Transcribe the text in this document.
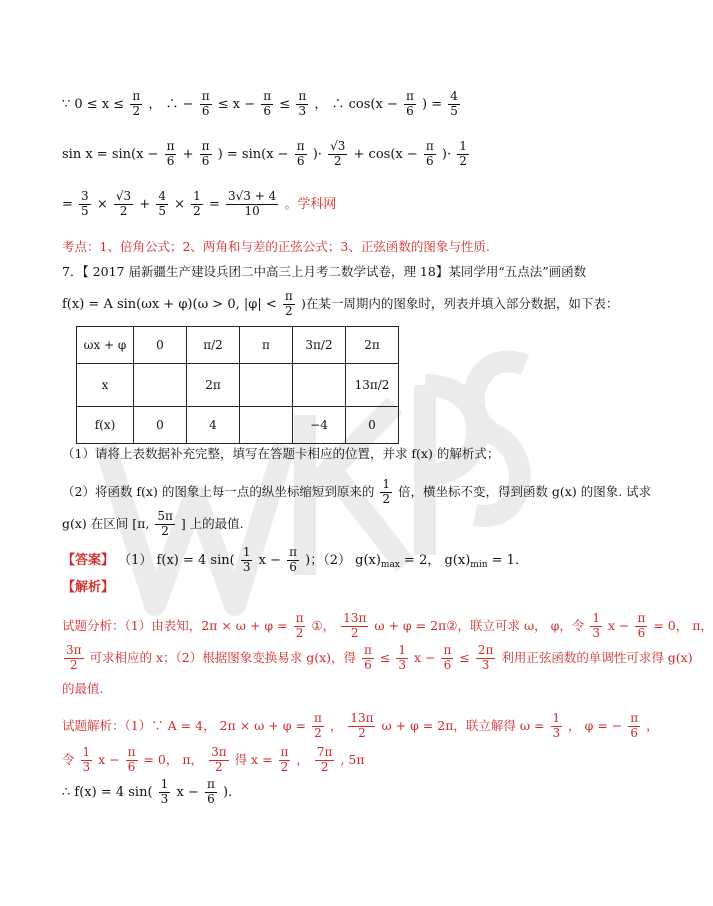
∵ $0 \le x \le \frac{\pi}{2}$ ， ∴ − $\frac{\pi}{6} \le x - \frac{\pi}{6} \le \frac{\pi}{3}$ ， ∴ $\cos(x - \frac{\pi}{6}$ ) = $\frac{4}{5}$
$\sin x = \sin(x - \frac{\pi}{6} + \frac{\pi}{6}$ ) = $\sin(x - \frac{\pi}{6}$ )· $\frac{√3}{2} + \cos(x - \frac{\pi}{6}$ )· $\frac{1}{2}$
= $\frac{3}{5} \times \frac{√3}{2} + \frac{4}{5} \times \frac{1}{2} = \frac{3√3 + 4}{10}$ 。学科网
考点：1、倍角公式；2、两角和与差的正弦公式；3、正弦函数的图象与性质.
7．【 2017 届新疆生产建设兵团二中高三上月考二数学试卷，理 18】某同学用“五点法”画函数
f(x) = A sin(ωx + φ)(ω > 0, $|\varphi| < \frac{\pi}{2}$ )在某一周期内的图象时，列表并填入部分数据，如下表：
ωx + φ	0	π/2	π	3π/2	2π
x		2π			13π/2
f(x)	0	4		−4	0
（1）请将上表数据补充完整，填写在答题卡相应的位置，并求 f(x) 的解析式；
（2）将函数 f(x) 的图象上每一点的纵坐标缩短到原来的 $\frac{1}{2}$ 倍，横坐标不变，得到函数 g(x) 的图象. 试求
g(x) 在区间 [π, $\frac{5\pi}{2}$ ] 上的最值.
【答案】 （1） f(x) = 4 $\sin( \frac{1}{3}$ $x - \frac{\pi}{6}$ )；（2） $g(x)_{max} = 2$， $g(x)_{min} = 1$.
【解析】
试题分析：（1）由表知，$2\pi \times \omega + \varphi = \frac{\pi}{2}$ ①， $\frac{13\pi}{2}$ ω + φ = 2π②，联立可求 ω， φ，令 $\frac{1}{3}$ $x - \frac{\pi}{6} = 0$， π，
$\frac{3\pi}{2}$ 可求相应的 x；（2）根据图象变换易求 g(x)，得 $\frac{\pi}{6} \le \frac{1}{3}$ $x - \frac{\pi}{6} \le \frac{2\pi}{3}$ 利用正弦函数的单调性可求得 g(x)
的最值.
试题解析：（1）∵ A = 4， $2\pi \times \omega + \varphi = \frac{\pi}{2}$ ， $\frac{13\pi}{2}$ ω + φ = 2π，联立解得 $\omega = \frac{1}{3}$ ， φ = − $\frac{\pi}{6}$ ，
令 $\frac{1}{3}$ $x - \frac{\pi}{6} = 0$， π， $\frac{3\pi}{2}$ 得 $x = \frac{\pi}{2}$ ， $\frac{7\pi}{2}$ , 5π
∴ f(x) = 4 $\sin( \frac{1}{3}$ $x - \frac{\pi}{6}$ ).
